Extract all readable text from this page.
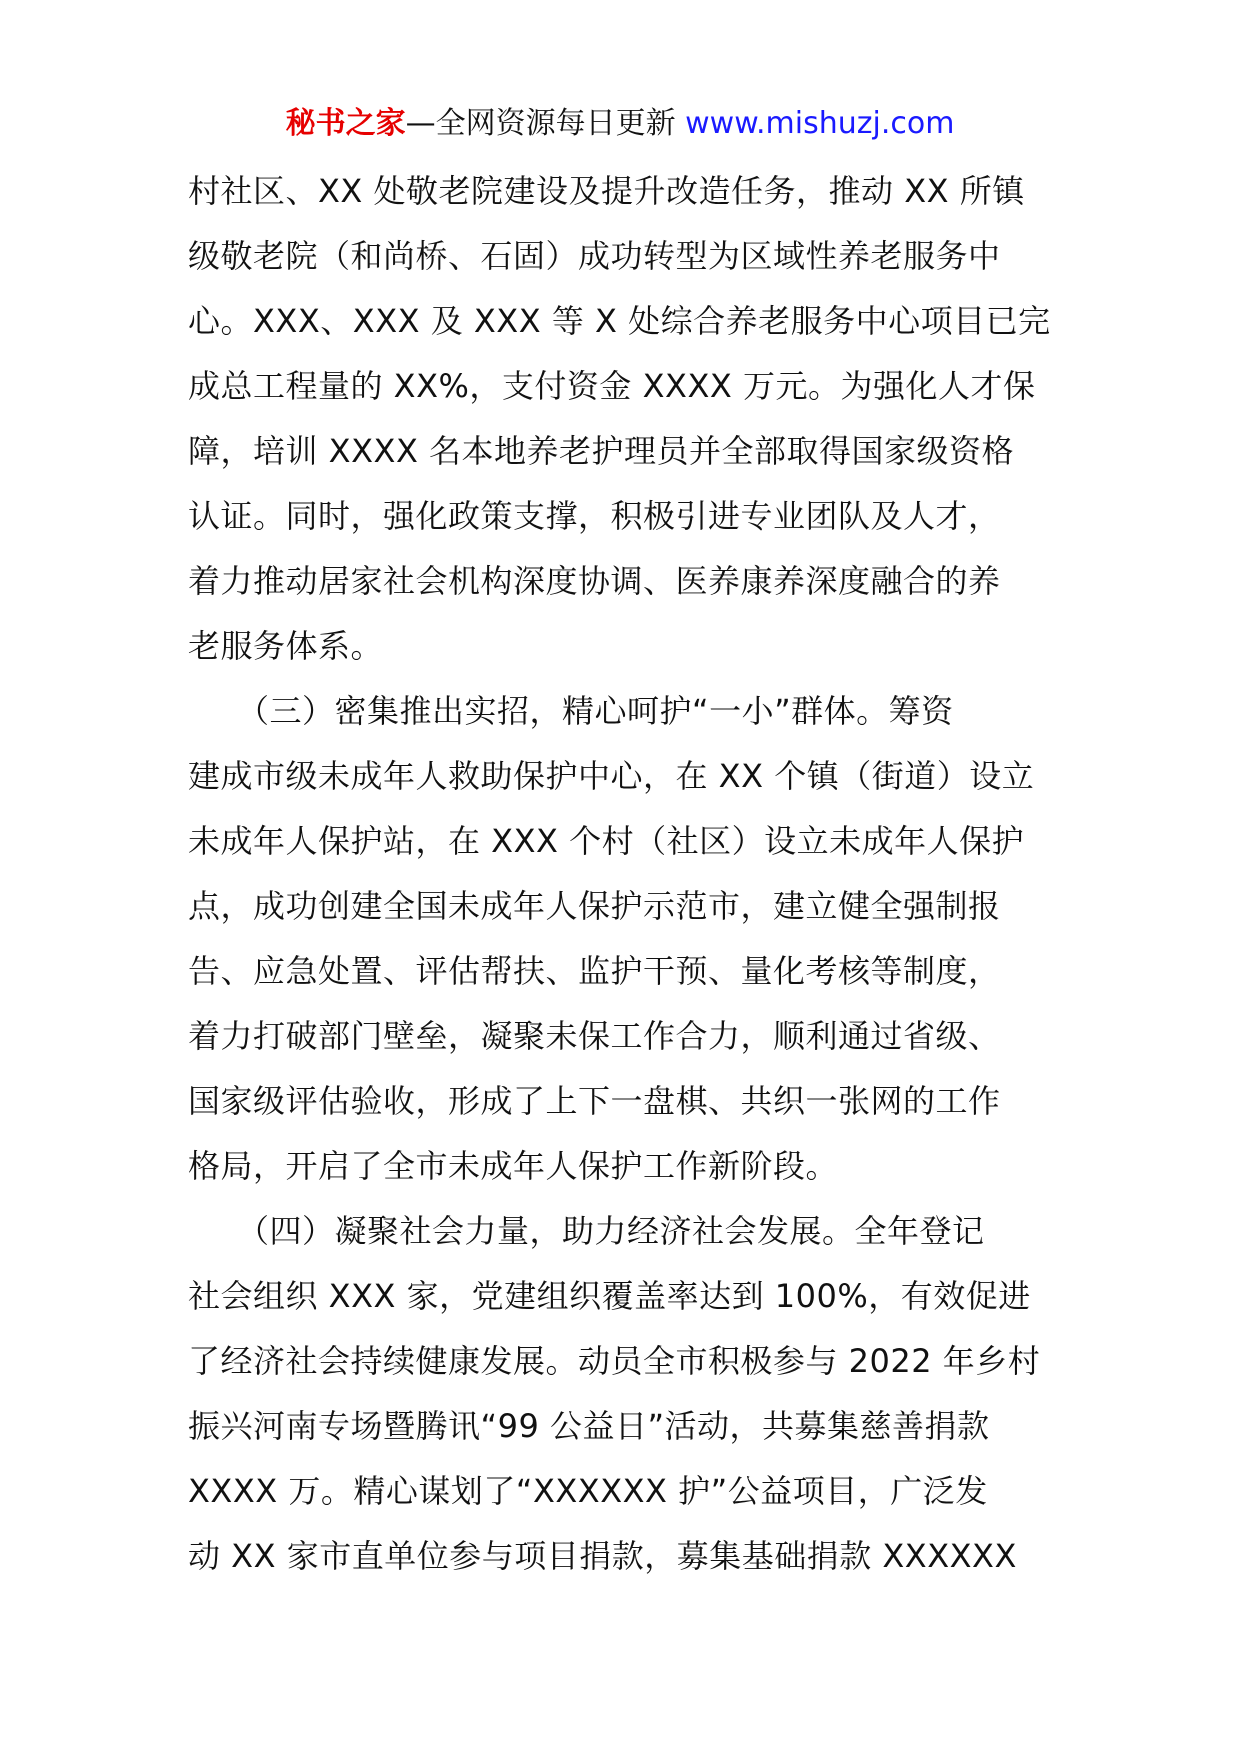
秘书之家—全网资源每日更新 www.mishuzj.com
村社区、XX 处敬老院建设及提升改造任务，推动 XX 所镇
级敬老院（和尚桥、石固）成功转型为区域性养老服务中
心。XXX、XXX 及 XXX 等 X 处综合养老服务中心项目已完
成总工程量的 XX%，支付资金 XXXX 万元。为强化人才保
障，培训 XXXX 名本地养老护理员并全部取得国家级资格
认证。同时，强化政策支撑，积极引进专业团队及人才，
着力推动居家社会机构深度协调、医养康养深度融合的养
老服务体系。
　　（三）密集推出实招，精心呵护“一小”群体。筹资
建成市级未成年人救助保护中心，在 XX 个镇（街道）设立
未成年人保护站，在 XXX 个村（社区）设立未成年人保护
点，成功创建全国未成年人保护示范市，建立健全强制报
告、应急处置、评估帮扶、监护干预、量化考核等制度，
着力打破部门壁垒，凝聚未保工作合力，顺利通过省级、
国家级评估验收，形成了上下一盘棋、共织一张网的工作
格局，开启了全市未成年人保护工作新阶段。
　　（四）凝聚社会力量，助力经济社会发展。全年登记
社会组织 XXX 家，党建组织覆盖率达到 100%，有效促进
了经济社会持续健康发展。动员全市积极参与 2022 年乡村
振兴河南专场暨腾讯“99 公益日”活动，共募集慈善捐款
XXXX 万。精心谋划了“XXXXXX 护”公益项目，广泛发
动 XX 家市直单位参与项目捐款，募集基础捐款 XXXXXX
